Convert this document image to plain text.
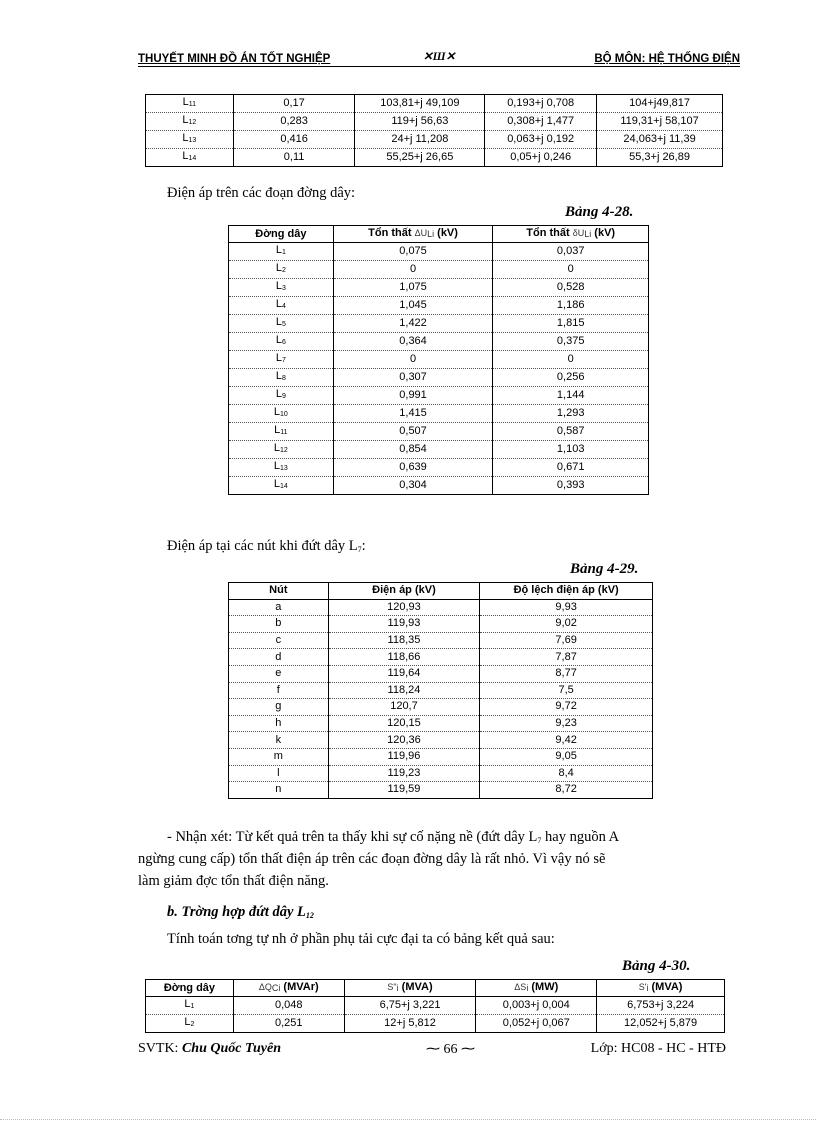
THUYẾT MINH ĐỒ ÁN TỐT NGHIỆP	✕Ш✕	BỘ MÔN: HỆ THỐNG ĐIỆN
L11	0,17	103,81+j 49,109	0,193+j 0,708	104+j49,817
L12	0,283	119+j 56,63	0,308+j 1,477	119,31+j 58,107
L13	0,416	24+j 11,208	0,063+j 0,192	24,063+j 11,39
L14	0,11	55,25+j 26,65	0,05+j 0,246	55,3+j 26,89
Điện áp trên các đoạn đờng dây:
Bảng 4-28.
Đờng dây	Tổn thất ΔULi (kV)	Tổn thất δULi (kV)
L1	0,075	0,037
L2	0	0
L3	1,075	0,528
L4	1,045	1,186
L5	1,422	1,815
L6	0,364	0,375
L7	0	0
L8	0,307	0,256
L9	0,991	1,144
L10	1,415	1,293
L11	0,507	0,587
L12	0,854	1,103
L13	0,639	0,671
L14	0,304	0,393
Điện áp tại các nút khi đứt dây L7:
Bảng 4-29.
Nút	Điện áp (kV)	Độ lệch điện áp (kV)
a	120,93	9,93
b	119,93	9,02
c	118,35	7,69
d	118,66	7,87
e	119,64	8,77
f	118,24	7,5
g	120,7	9,72
h	120,15	9,23
k	120,36	9,42
m	119,96	9,05
l	119,23	8,4
n	119,59	8,72
- Nhận xét: Từ kết quả trên ta thấy khi sự cố nặng nề (đứt dây L7 hay nguồn A
ngừng cung cấp) tổn thất điện áp trên các đoạn đờng dây là rất nhỏ. Vì vậy nó sẽ
làm giảm đợc tổn thất điện năng.
b. Trờng hợp đứt dây L12
Tính toán tơng tự nh ở phần phụ tải cực đại ta có bảng kết quả sau:
Bảng 4-30.
Đờng dây	ΔQCi (MVAr)	S"i (MVA)	ΔSi (MW)	S'i (MVA)
L1	0,048	6,75+j 3,221	0,003+j 0,004	6,753+j 3,224
L2	0,251	12+j 5,812	0,052+j 0,067	12,052+j 5,879
SVTK: Chu Quốc Tuyên	⁓ 66 ⁓	Lớp: HC08 - HC - HTĐ
